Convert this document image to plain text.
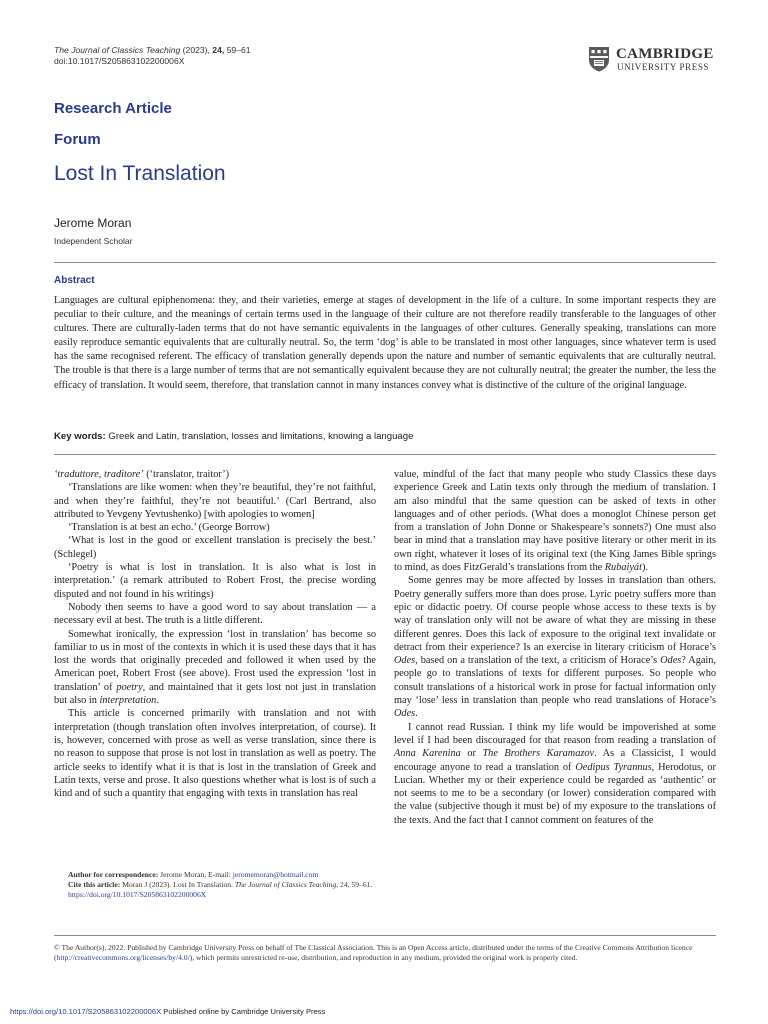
The Journal of Classics Teaching (2023), 24, 59–61
doi:10.1017/S205863102200006X	CAMBRIDGE
UNIVERSITY PRESS
Research Article
Forum
Lost In Translation
Jerome Moran
Independent Scholar
Abstract
Languages are cultural epiphenomena: they, and their varieties, emerge at stages of development in the life of a culture. In some important respects they are peculiar to their culture, and the meanings of certain terms used in the language of their culture are not therefore readily transferable to the languages of other cultures. There are culturally-laden terms that do not have semantic equivalents in the languages of other cultures. Generally speaking, translations can more easily reproduce semantic equivalents that are culturally neutral. So, the term ‘dog’ is able to be translated in most other languages, since whatever term is used has the same recognised referent. The efficacy of translation generally depends upon the nature and number of semantic equivalents that are culturally neutral. The trouble is that there is a large number of terms that are not semantically equivalent because they are not culturally neutral; the greater the number, the less the efficacy of translation. It would seem, therefore, that translation cannot in many instances convey what is distinctive of the culture of the original language.
Key words: Greek and Latin, translation, losses and limitations, knowing a language

‘traduttore, traditore’ (‘translator, traitor’)

‘Translations are like women: when they’re beautiful, they’re not faithful, and when they’re faithful, they’re not beautiful.’ (Carl Bertrand, also attributed to Yevgeny Yevtushenko) [with apologies to women]

‘Translation is at best an echo.’ (George Borrow)

‘What is lost in the good or excellent translation is precisely the best.’ (Schlegel)

‘Poetry is what is lost in translation. It is also what is lost in interpretation.’ (a remark attributed to Robert Frost, the precise wording disputed and not found in his writings)

Nobody then seems to have a good word to say about translation — a necessary evil at best. The truth is a little different.

Somewhat ironically, the expression ‘lost in translation’ has become so familiar to us in most of the contexts in which it is used these days that it has lost the words that originally preceded and followed it when used by the American poet, Robert Frost (see above). Frost used the expression ‘lost in translation’ of poetry, and maintained that it gets lost not just in translation but also in interpretation.

This article is concerned primarily with translation and not with interpretation (though translation often involves interpretation, of course). It is, however, concerned with prose as well as verse translation, since there is no reason to suppose that prose is not lost in translation as well as poetry. The article seeks to identify what it is that is lost in the translation of Greek and Latin texts, verse and prose. It also questions whether what is lost is of such a kind and of such a quantity that engaging with texts in translation has real

Author for correspondence: Jerome Moran, E-mail: jeromemoran@hotmail.com
Cite this article: Moran J (2023). Lost In Translation. The Journal of Classics Teaching, 24, 59–61. https://doi.org/10.1017/S205863102200006X

value, mindful of the fact that many people who study Classics these days experience Greek and Latin texts only through the medium of translation. I am also mindful that the same question can be asked of texts in other languages and of other periods. (What does a monoglot Chinese person get from a translation of John Donne or Shakespeare’s sonnets?) One must also bear in mind that a translation may have positive literary or other merit in its own right, whatever it loses of its original text (the King James Bible springs to mind, as does FitzGerald’s translations from the Rubaiyát).

Some genres may be more affected by losses in translation than others. Poetry generally suffers more than does prose. Lyric poetry suffers more than epic or didactic poetry. Of course people whose access to these texts is by way of translation only will not be aware of what they are missing in these different genres. Does this lack of exposure to the original text invalidate or detract from their experience? Is an exercise in literary criticism of Horace’s Odes, based on a translation of the text, a criticism of Horace’s Odes? Again, people go to translations of texts for different purposes. So people who consult translations of a historical work in prose for factual information only may ‘lose’ less in translation than people who read translations of Horace’s Odes.

I cannot read Russian. I think my life would be impoverished at some level if I had been discouraged for that reason from reading a translation of Anna Karenina or The Brothers Karamazov. As a Classicist, I would encourage anyone to read a translation of Oedipus Tyrannus, Herodotus, or Lucian. Whether my or their experience could be regarded as ‘authentic’ or not seems to me to be a secondary (or lower) consideration compared with the value (subjective though it must be) of my exposure to the translations of the texts. And the fact that I cannot comment on features of the

© The Author(s), 2022. Published by Cambridge University Press on behalf of The Classical Association. This is an Open Access article, distributed under the terms of the Creative Commons Attribution licence (http://creativecommons.org/licenses/by/4.0/), which permits unrestricted re-use, distribution, and reproduction in any medium, provided the original work is properly cited.
https://doi.org/10.1017/S205863102200006X Published online by Cambridge University Press
